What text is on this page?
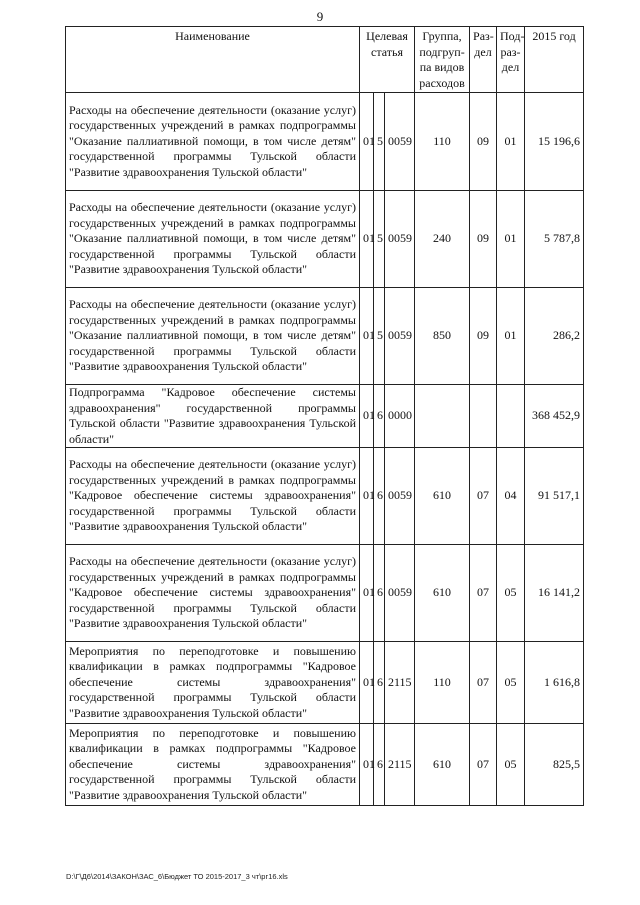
9
Наименование	Целевая статья			Группа, подгруп-па видов расходов	Раз-дел	Под-раз-дел	2015 год
Расходы на обеспечение деятельности (оказание услуг) государственных учреждений в рамках подпрограммы "Оказание паллиативной помощи, в том числе детям" государственной программы Тульской области "Развитие здравоохранения Тульской области"	01	5	0059	110	09	01	15 196,6
Расходы на обеспечение деятельности (оказание услуг) государственных учреждений в рамках подпрограммы "Оказание паллиативной помощи, в том числе детям" государственной программы Тульской области "Развитие здравоохранения Тульской области"	01	5	0059	240	09	01	5 787,8
Расходы на обеспечение деятельности (оказание услуг) государственных учреждений в рамках подпрограммы "Оказание паллиативной помощи, в том числе детям" государственной программы Тульской области "Развитие здравоохранения Тульской области"	01	5	0059	850	09	01	286,2
Подпрограмма "Кадровое обеспечение системы здравоохранения" государственной программы Тульской области "Развитие здравоохранения Тульской области"	01	6	0000				368 452,9
Расходы на обеспечение деятельности (оказание услуг) государственных учреждений в рамках подпрограммы "Кадровое обеспечение системы здравоохранения" государственной программы Тульской области "Развитие здравоохранения Тульской области"	01	6	0059	610	07	04	91 517,1
Расходы на обеспечение деятельности (оказание услуг) государственных учреждений в рамках подпрограммы "Кадровое обеспечение системы здравоохранения" государственной программы Тульской области "Развитие здравоохранения Тульской области"	01	6	0059	610	07	05	16 141,2
Мероприятия по переподготовке и повышению квалификации в рамках подпрограммы "Кадровое обеспечение системы здравоохранения" государственной программы Тульской области "Развитие здравоохранения Тульской области"	01	6	2115	110	07	05	1 616,8
Мероприятия по переподготовке и повышению квалификации в рамках подпрограммы "Кадровое обеспечение системы здравоохранения" государственной программы Тульской области "Развитие здравоохранения Тульской области"	01	6	2115	610	07	05	825,5
D:\Г\Д6\2014\ЗАКОН\ЗАС_6\Бюджет ТО 2015-2017_3 чт\рг16.xls
